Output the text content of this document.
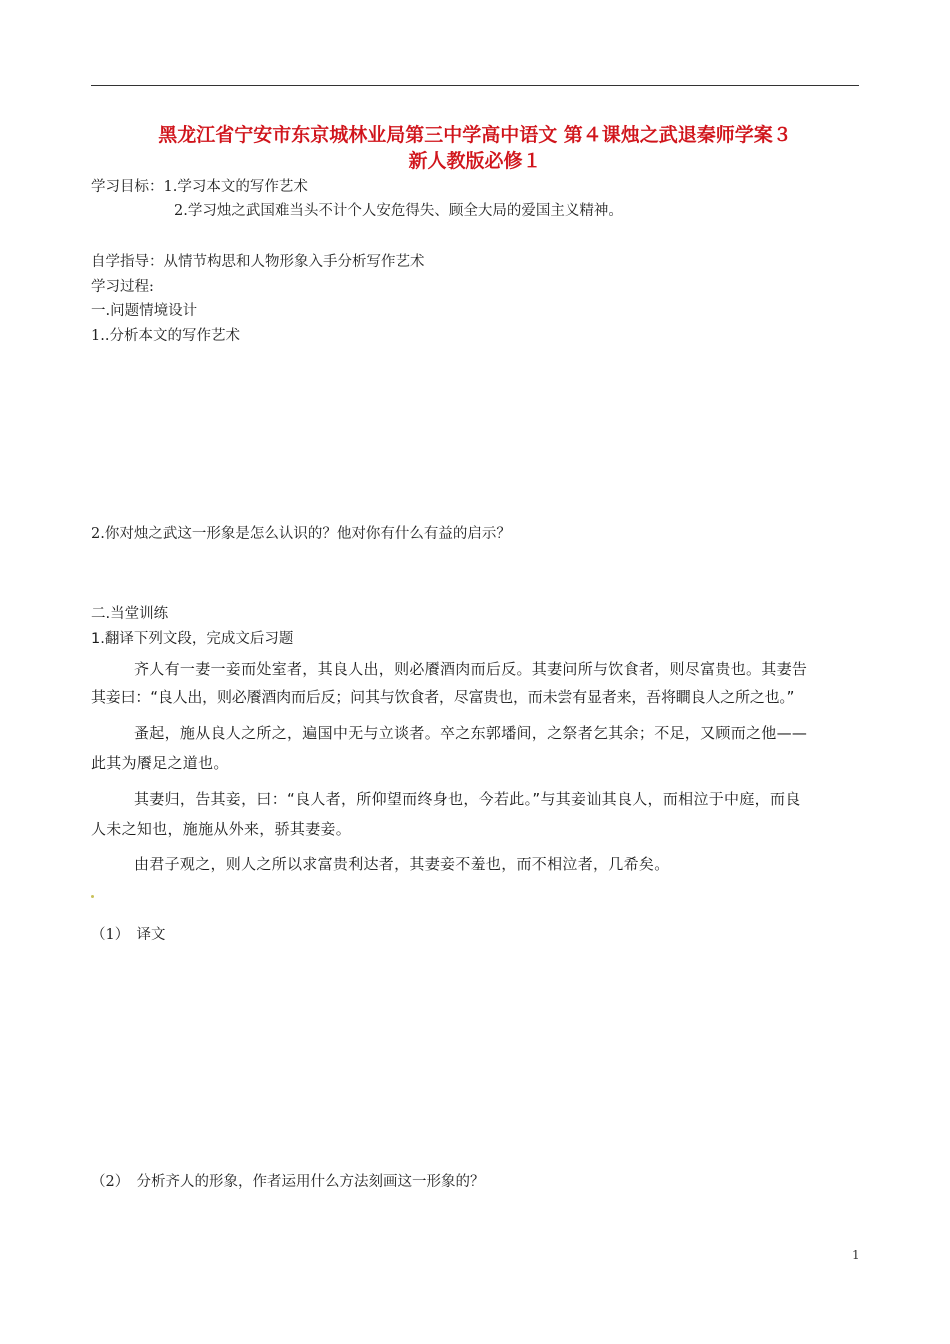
黑龙江省宁安市东京城林业局第三中学高中语文 第４课烛之武退秦师学案３
新人教版必修１
学习目标：1.学习本文的写作艺术
2.学习烛之武国难当头不计个人安危得失、顾全大局的爱国主义精神。
自学指导：从情节构思和人物形象入手分析写作艺术
学习过程:
一.问题情境设计
1..分析本文的写作艺术
2.你对烛之武这一形象是怎么认识的？他对你有什么有益的启示？
二.当堂训练
1.翻译下列文段，完成文后习题
齐人有一妻一妾而处室者，其良人出，则必餍酒肉而后反。其妻问所与饮食者，则尽富贵也。其妻告
其妾曰：“良人出，则必餍酒肉而后反；问其与饮食者，尽富贵也，而未尝有显者来，吾将瞷良人之所之也。”
蚤起，施从良人之所之，遍国中无与立谈者。卒之东郭墦间，之祭者乞其余；不足，又顾而之他——
此其为餍足之道也。
其妻归，告其妾，曰：“良人者，所仰望而终身也，今若此。”与其妾讪其良人，而相泣于中庭，而良
人未之知也，施施从外来，骄其妻妾。
由君子观之，则人之所以求富贵利达者，其妻妾不羞也，而不相泣者，几希矣。
（1）　译文
（2）　分析齐人的形象，作者运用什么方法刻画这一形象的？
1
